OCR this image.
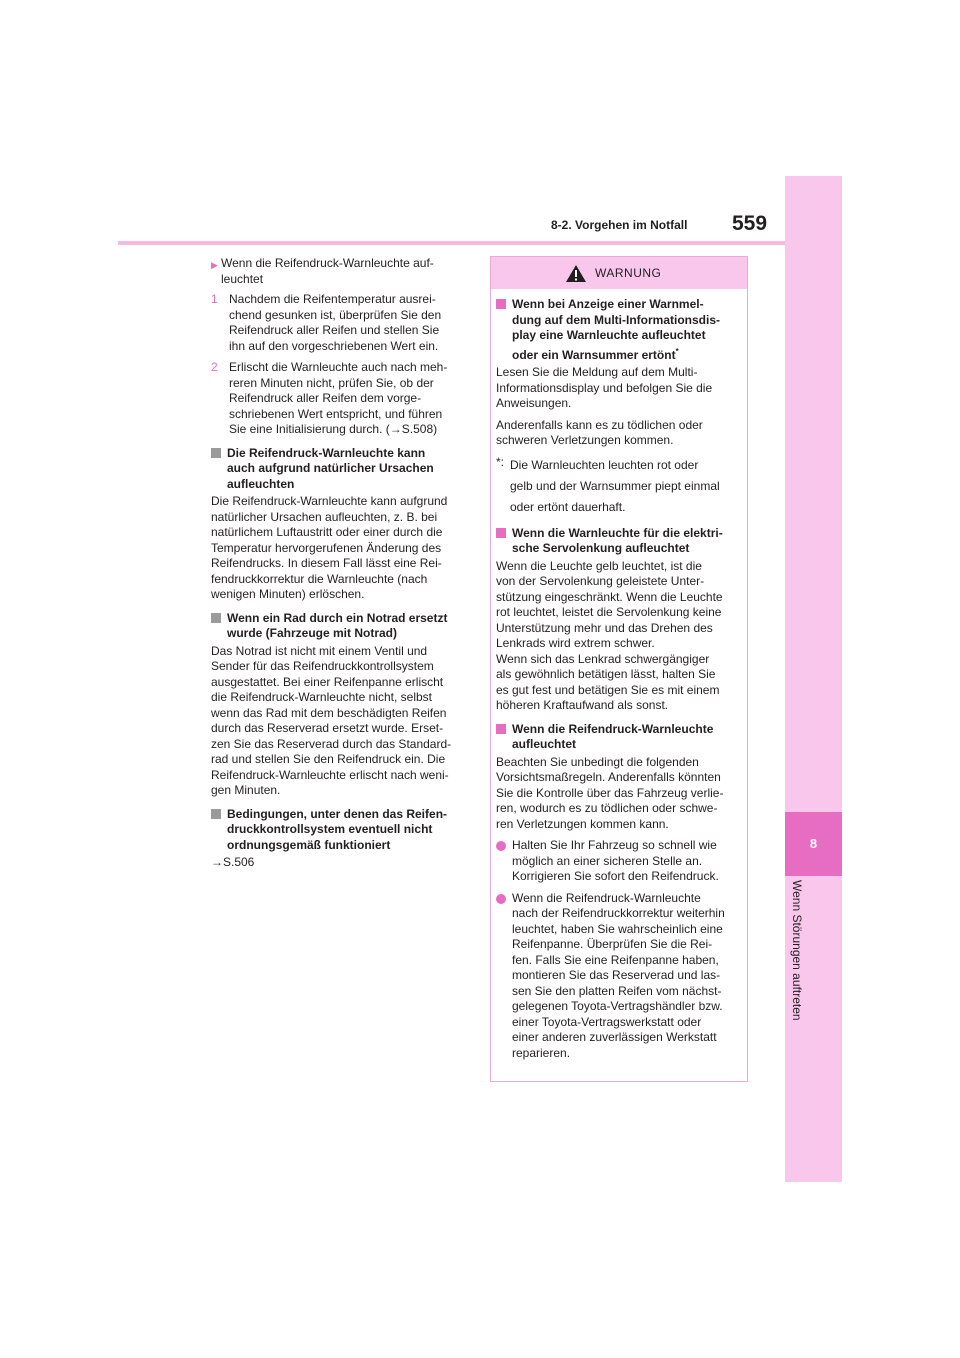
8
Wenn Störungen auftreten
8-2. Vorgehen im Notfall 559
▶ Wenn die Reifendruck-Warnleuchte auf-
leuchtet
1 Nachdem die Reifentemperatur ausrei-
chend gesunken ist, überprüfen Sie den
Reifendruck aller Reifen und stellen Sie
ihn auf den vorgeschriebenen Wert ein.
2 Erlischt die Warnleuchte auch nach meh-
reren Minuten nicht, prüfen Sie, ob der
Reifendruck aller Reifen dem vorge-
schriebenen Wert entspricht, und führen
Sie eine Initialisierung durch. (→S.508)
Die Reifendruck-Warnleuchte kann
auch aufgrund natürlicher Ursachen
aufleuchten
Die Reifendruck-Warnleuchte kann aufgrund
natürlicher Ursachen aufleuchten, z. B. bei
natürlichem Luftaustritt oder einer durch die
Temperatur hervorgerufenen Änderung des
Reifendrucks. In diesem Fall lässt eine Rei-
fendruckkorrektur die Warnleuchte (nach
wenigen Minuten) erlöschen.
Wenn ein Rad durch ein Notrad ersetzt
wurde (Fahrzeuge mit Notrad)
Das Notrad ist nicht mit einem Ventil und
Sender für das Reifendruckkontrollsystem
ausgestattet. Bei einer Reifenpanne erlischt
die Reifendruck-Warnleuchte nicht, selbst
wenn das Rad mit dem beschädigten Reifen
durch das Reserverad ersetzt wurde. Erset-
zen Sie das Reserverad durch das Standard-
rad und stellen Sie den Reifendruck ein. Die
Reifendruck-Warnleuchte erlischt nach weni-
gen Minuten.
Bedingungen, unter denen das Reifen-
druckkontrollsystem eventuell nicht
ordnungsgemäß funktioniert
→S.506
WARNUNG
Wenn bei Anzeige einer Warnmel-
dung auf dem Multi-Informationsdis-
play eine Warnleuchte aufleuchtet
oder ein Warnsummer ertönt*
Lesen Sie die Meldung auf dem Multi-
Informationsdisplay und befolgen Sie die
Anweisungen.
Anderenfalls kann es zu tödlichen oder
schweren Verletzungen kommen.
*: Die Warnleuchten leuchten rot oder
gelb und der Warnsummer piept einmal
oder ertönt dauerhaft.
Wenn die Warnleuchte für die elektri-
sche Servolenkung aufleuchtet
Wenn die Leuchte gelb leuchtet, ist die
von der Servolenkung geleistete Unter-
stützung eingeschränkt. Wenn die Leuchte
rot leuchtet, leistet die Servolenkung keine
Unterstützung mehr und das Drehen des
Lenkrads wird extrem schwer.
Wenn sich das Lenkrad schwergängiger
als gewöhnlich betätigen lässt, halten Sie
es gut fest und betätigen Sie es mit einem
höheren Kraftaufwand als sonst.
Wenn die Reifendruck-Warnleuchte
aufleuchtet
Beachten Sie unbedingt die folgenden
Vorsichtsmaßregeln. Anderenfalls könnten
Sie die Kontrolle über das Fahrzeug verlie-
ren, wodurch es zu tödlichen oder schwe-
ren Verletzungen kommen kann.
Halten Sie Ihr Fahrzeug so schnell wie
möglich an einer sicheren Stelle an.
Korrigieren Sie sofort den Reifendruck.
Wenn die Reifendruck-Warnleuchte
nach der Reifendruckkorrektur weiterhin
leuchtet, haben Sie wahrscheinlich eine
Reifenpanne. Überprüfen Sie die Rei-
fen. Falls Sie eine Reifenpanne haben,
montieren Sie das Reserverad und las-
sen Sie den platten Reifen vom nächst-
gelegenen Toyota-Vertragshändler bzw.
einer Toyota-Vertragswerkstatt oder
einer anderen zuverlässigen Werkstatt
reparieren.
